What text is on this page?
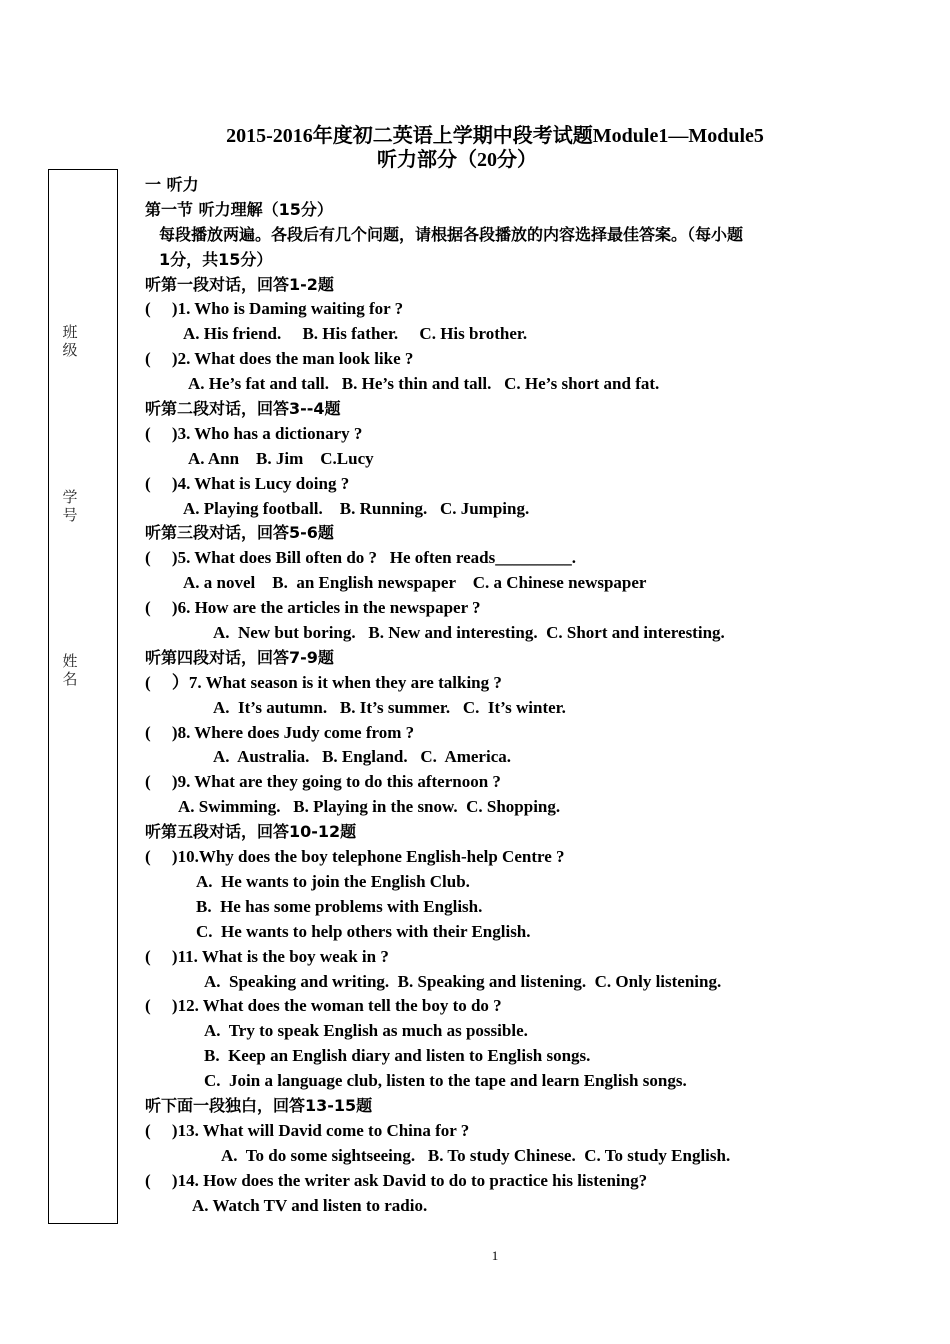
2015-2016年度初二英语上学期中段考试题Module1—Module5
听力部分（20分）
班
级
学
号
姓
名
一 听力
第一节 听力理解（15分）
每段播放两遍。各段后有几个问题，请根据各段播放的内容选择最佳答案。（每小题
1分，共15分）
听第一段对话，回答1-2题
(     )1. Who is Daming waiting for ?
A. His friend.     B. His father.     C. His brother.
(     )2. What does the man look like ?
A. He’s fat and tall.   B. He’s thin and tall.   C. He’s short and fat.
听第二段对话，回答3--4题
(     )3. Who has a dictionary ?
A. Ann    B. Jim    C.Lucy
(     )4. What is Lucy doing ?
A. Playing football.    B. Running.   C. Jumping.
听第三段对话，回答5-6题
(     )5. What does Bill often do ?   He often reads_________.
A. a novel    B.  an English newspaper    C. a Chinese newspaper
(     )6. How are the articles in the newspaper ?
A.  New but boring.   B. New and interesting.  C. Short and interesting.
听第四段对话，回答7-9题
(     ）7. What season is it when they are talking ?
A.  It’s autumn.   B. It’s summer.   C.  It’s winter.
(     )8. Where does Judy come from ?
A.  Australia.   B. England.   C.  America.
(     )9. What are they going to do this afternoon ?
A. Swimming.   B. Playing in the snow.  C. Shopping.
听第五段对话，回答10-12题
(     )10.Why does the boy telephone English-help Centre ?
A.  He wants to join the English Club.
B.  He has some problems with English.
C.  He wants to help others with their English.
(     )11. What is the boy weak in ?
A.  Speaking and writing.  B. Speaking and listening.  C. Only listening.
(     )12. What does the woman tell the boy to do ?
A.  Try to speak English as much as possible.
B.  Keep an English diary and listen to English songs.
C.  Join a language club, listen to the tape and learn English songs.
听下面一段独白，回答13-15题
(     )13. What will David come to China for ?
A.  To do some sightseeing.   B. To study Chinese.  C. To study English.
(     )14. How does the writer ask David to do to practice his listening?
A. Watch TV and listen to radio.
1
